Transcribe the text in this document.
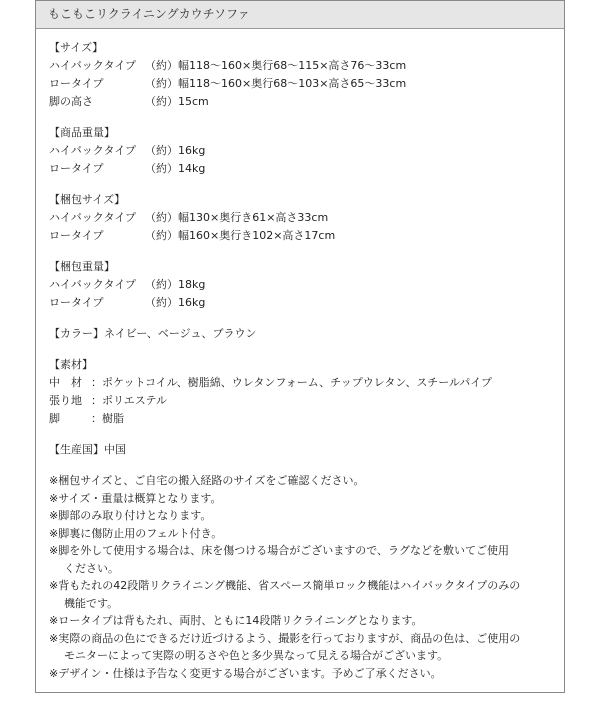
もこもこリクライニングカウチソファ
【サイズ】
ハイバックタイプ （約）幅118〜160×奥行68〜115×高さ76〜33cm
ロータイプ	（約）幅118〜160×奥行68〜103×高さ65〜33cm
脚の高さ	（約）15cm
【商品重量】
ハイバックタイプ （約）16kg
ロータイプ	（約）14kg
【梱包サイズ】
ハイバックタイプ （約）幅130×奥行き61×高さ33cm
ロータイプ	（約）幅160×奥行き102×高さ17cm
【梱包重量】
ハイバックタイプ （約）18kg
ロータイプ	（約）16kg
【カラー】ネイビー、ベージュ、ブラウン
【素材】
中　材 ：ポケットコイル、樹脂綿、ウレタンフォーム、チップウレタン、スチールパイプ
張り地 ：ポリエステル
脚	：樹脂
【生産国】中国
※梱包サイズと、ご自宅の搬入経路のサイズをご確認ください。
※サイズ・重量は概算となります。
※脚部のみ取り付けとなります。
※脚裏に傷防止用のフェルト付き。
※脚を外して使用する場合は、床を傷つける場合がございますので、ラグなどを敷いてご使用
ください。
※背もたれの42段階リクライニング機能、省スペース簡単ロック機能はハイバックタイプのみの
機能です。
※ロータイプは背もたれ、両肘、ともに14段階リクライニングとなります。
※実際の商品の色にできるだけ近づけるよう、撮影を行っておりますが、商品の色は、ご使用の
モニターによって実際の明るさや色と多少異なって見える場合がございます。
※デザイン・仕様は予告なく変更する場合がございます。予めご了承ください。
